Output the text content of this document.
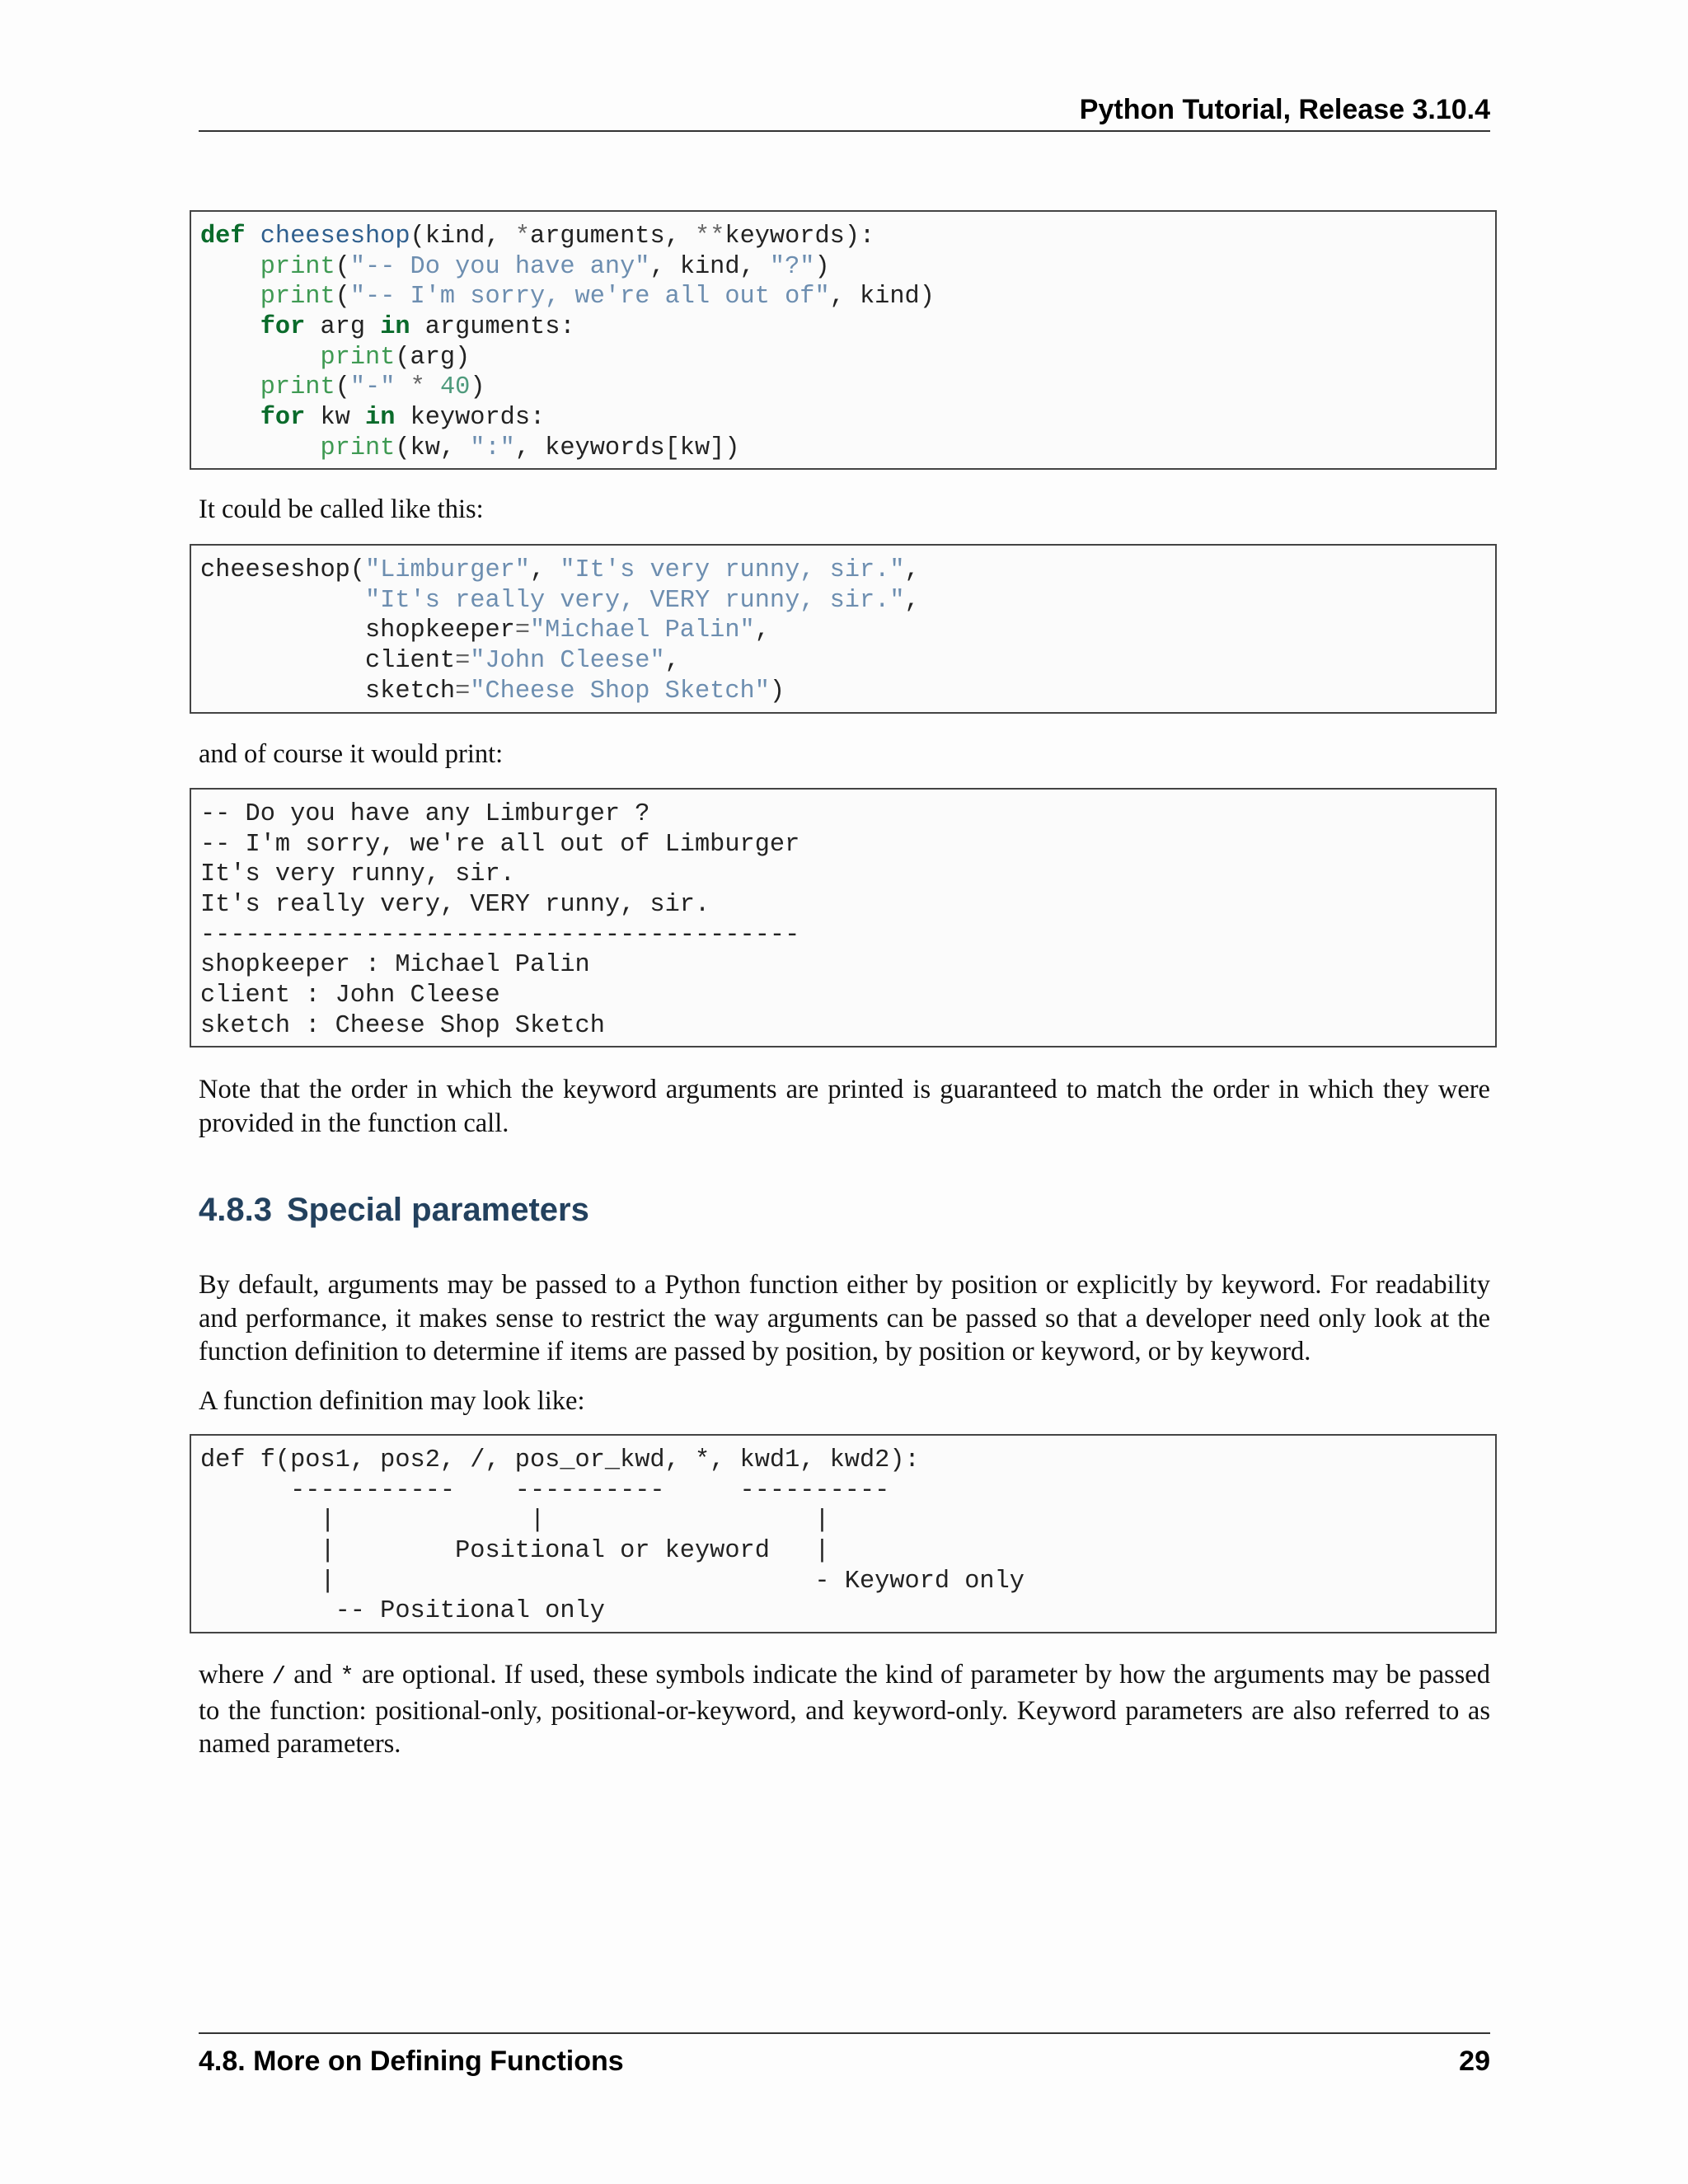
Python Tutorial, Release 3.10.4
def cheeseshop(kind, *arguments, **keywords):
print("-- Do you have any", kind, "?")
print("-- I'm sorry, we're all out of", kind)
for arg in arguments:
print(arg)
print("-" * 40)
for kw in keywords:
print(kw, ":", keywords[kw])

It could be called like this:

cheeseshop("Limburger", "It's very runny, sir.",
"It's really very, VERY runny, sir.",
shopkeeper="Michael Palin",
client="John Cleese",
sketch="Cheese Shop Sketch")

and of course it would print:

-- Do you have any Limburger ?
-- I'm sorry, we're all out of Limburger
It's very runny, sir.
It's really very, VERY runny, sir.
----------------------------------------
shopkeeper : Michael Palin
client : John Cleese
sketch : Cheese Shop Sketch

Note that the order in which the keyword arguments are printed is guaranteed to match the order in which they were provided in the function call.

4.8.3 Special parameters

By default, arguments may be passed to a Python function either by position or explicitly by keyword. For readability and performance, it makes sense to restrict the way arguments can be passed so that a developer need only look at the function definition to determine if items are passed by position, by position or keyword, or by keyword.

A function definition may look like:

def f(pos1, pos2, /, pos_or_kwd, *, kwd1, kwd2):
-----------    ----------     ----------
|             |                  |
|        Positional or keyword   |
|                                - Keyword only
-- Positional only

where / and * are optional. If used, these symbols indicate the kind of parameter by how the arguments may be passed to the function: positional-only, positional-or-keyword, and keyword-only. Keyword parameters are also referred to as named parameters.

4.8. More on Defining Functions	29
